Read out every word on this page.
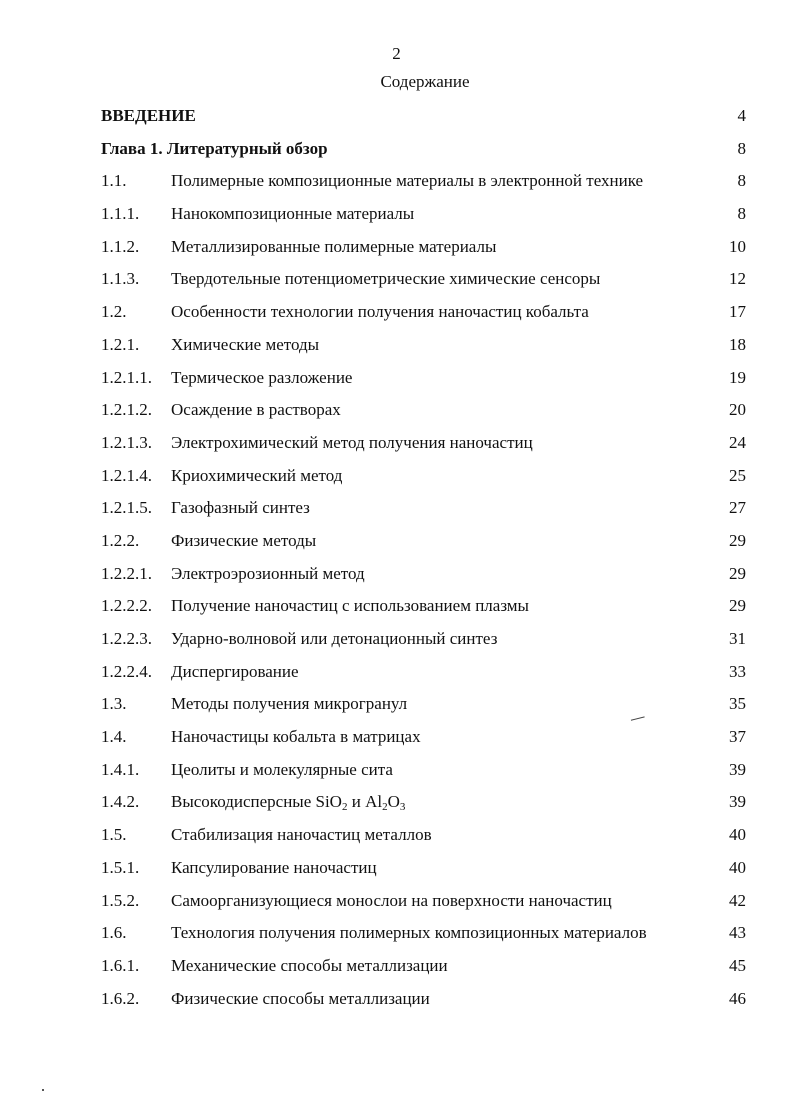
2
Содержание
ВВЕДЕНИЕ	4
Глава 1. Литературный обзор	8
1.1.	Полимерные композиционные материалы в электронной технике	8
1.1.1. Нанокомпозиционные материалы	8
1.1.2. Металлизированные полимерные материалы	10
1.1.3. Твердотельные потенциометрические химические сенсоры	12
1.2.	Особенности технологии получения наночастиц кобальта	17
1.2.1. Химические методы	18
1.2.1.1. Термическое разложение	19
1.2.1.2. Осаждение в растворах	20
1.2.1.3. Электрохимический метод получения наночастиц	24
1.2.1.4. Криохимический метод	25
1.2.1.5. Газофазный синтез	27
1.2.2. Физические методы	29
1.2.2.1. Электроэрозионный метод	29
1.2.2.2. Получение наночастиц с использованием плазмы	29
1.2.2.3. Ударно-волновой или детонационный синтез	31
1.2.2.4. Диспергирование	33
1.3.	Методы получения микрогранул	35
1.4.	Наночастицы кобальта в матрицах	37
1.4.1. Цеолиты и молекулярные сита	39
1.4.2. Высокодисперсные SiO$_2$ и $Al_2O_3$	39
1.5.	Стабилизация наночастиц металлов	40
1.5.1. Капсулирование наночастиц	40
1.5.2. Самоорганизующиеся монослои на поверхности наночастиц	42
1.6.	Технология получения полимерных композиционных материалов	43
1.6.1. Механические способы металлизации	45
1.6.2. Физические способы металлизации	46
